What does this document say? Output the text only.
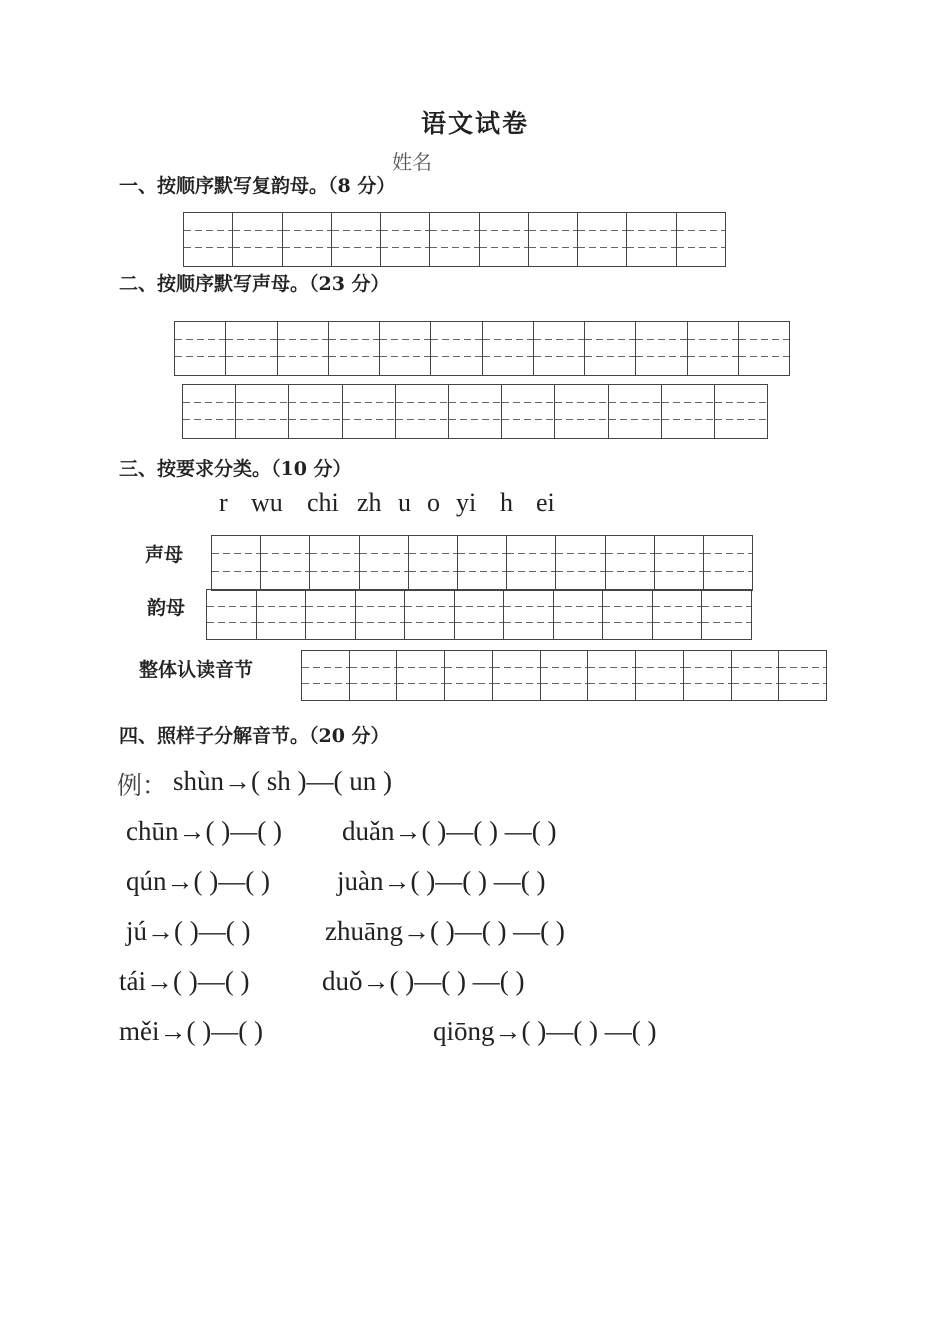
语文试卷
姓名
一、按顺序默写复韵母。（8 分）
二、按顺序默写声母。（23 分）
三、按要求分类。（10 分）
r wu chi zh u o yi h ei
声母
韵母
整体认读音节
四、照样子分解音节。（20 分）
例： shùn→( sh )—( un )
chūn→( )—( ) duǎn→( )—( ) —( )
qún→( )—( ) juàn→( )—( ) —( )
jú→( )—( )	zhuāng→( )—( ) —( )
tái→( )—( )	duǒ→( )—( ) —( )
měi→( )—( )	qiōng→( )—( ) —( )
